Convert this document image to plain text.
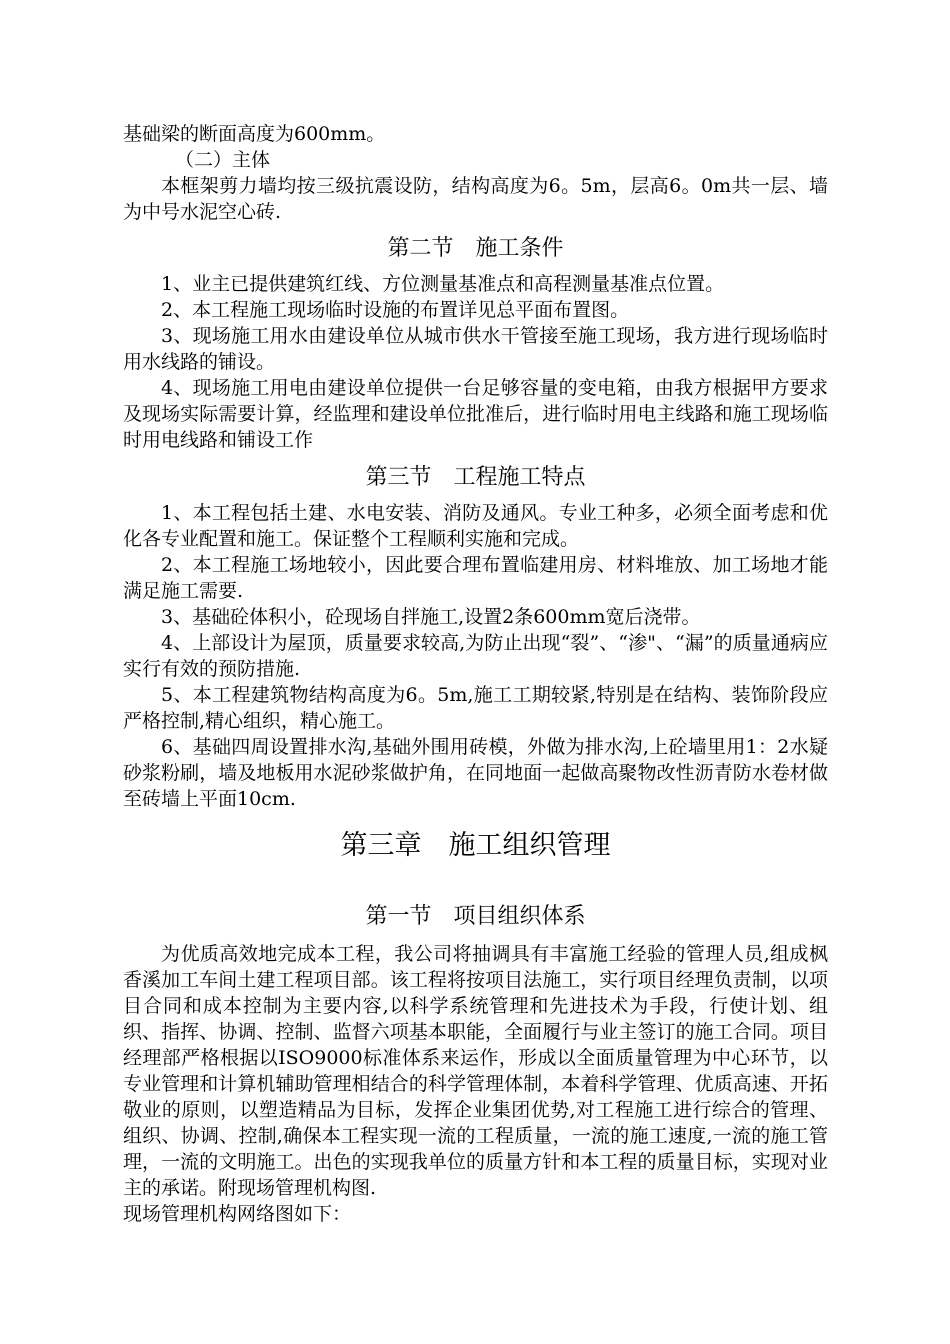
基础梁的断面高度为600mm。

（二）主体

本框架剪力墙均按三级抗震设防，结构高度为6。5m，层高6。0m共一层、墙为中号水泥空心砖.

第二节　施工条件

1、业主已提供建筑红线、方位测量基准点和高程测量基准点位置。

2、本工程施工现场临时设施的布置详见总平面布置图。

3、现场施工用水由建设单位从城市供水干管接至施工现场，我方进行现场临时用水线路的铺设。

4、现场施工用电由建设单位提供一台足够容量的变电箱，由我方根据甲方要求及现场实际需要计算，经监理和建设单位批准后，进行临时用电主线路和施工现场临时用电线路和铺设工作

第三节　工程施工特点

1、本工程包括土建、水电安装、消防及通风。专业工种多，必须全面考虑和优化各专业配置和施工。保证整个工程顺利实施和完成。

2、本工程施工场地较小，因此要合理布置临建用房、材料堆放、加工场地才能满足施工需要.

3、基础砼体积小，砼现场自拌施工,设置2条600mm宽后浇带。

4、上部设计为屋顶，质量要求较高,为防止出现“裂”、“渗"、“漏”的质量通病应实行有效的预防措施.

5、本工程建筑物结构高度为6。5m,施工工期较紧,特别是在结构、装饰阶段应严格控制,精心组织，精心施工。

6、基础四周设置排水沟,基础外围用砖模，外做为排水沟,上砼墙里用1：2水疑砂浆粉刷，墙及地板用水泥砂浆做护角，在同地面一起做高聚物改性沥青防水卷材做至砖墙上平面10cm.

第三章　施工组织管理
第一节　项目组织体系

为优质高效地完成本工程，我公司将抽调具有丰富施工经验的管理人员,组成枫香溪加工车间土建工程项目部。该工程将按项目法施工，实行项目经理负责制，以项目合同和成本控制为主要内容,以科学系统管理和先进技术为手段，行使计划、组织、指挥、协调、控制、监督六项基本职能，全面履行与业主签订的施工合同。项目经理部严格根据以ISO9000标准体系来运作，形成以全面质量管理为中心环节，以专业管理和计算机辅助管理相结合的科学管理体制，本着科学管理、优质高速、开拓敬业的原则，以塑造精品为目标，发挥企业集团优势,对工程施工进行综合的管理、组织、协调、控制,确保本工程实现一流的工程质量，一流的施工速度,一流的施工管理，一流的文明施工。出色的实现我单位的质量方针和本工程的质量目标，实现对业主的承诺。附现场管理机构图.

现场管理机构网络图如下：
